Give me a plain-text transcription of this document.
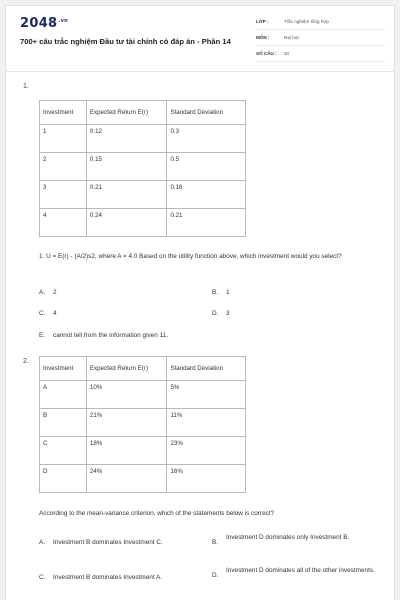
$2048^{.vn}$
700+ câu trắc nghiệm Đầu tư tài chính có đáp án - Phần 14
LỚP :	Trắc nghiệm tổng hợp
MÔN :	Đại học
SỐ CÂU : 30
1.
Investment	Expected Return E(r)	Standard Deviation
1	0.12	0.3
2	0.15	0.5
3	0.21	0.16
4	0.24	0.21
1. U = E(r) - (A/2)s2, where A = 4.0 Based on the utility function above, which investment would you select?
A. 2	B. 1
C. 4	D. 3
E. cannot tell from the information given 11.
2.
Investment	Expected Return E(r)	Standard Deviation
A	10%	5%
B	21%	11%
C	18%	23%
D	24%	16%
According to the mean-variance criterion, which of the statements below is correct?
A. Investment B dominates Investment C.	B.
Investment D dominates only Investment B.
C. Investment B dominates Investment A.	D.
Investment D dominates all of the other investments.
